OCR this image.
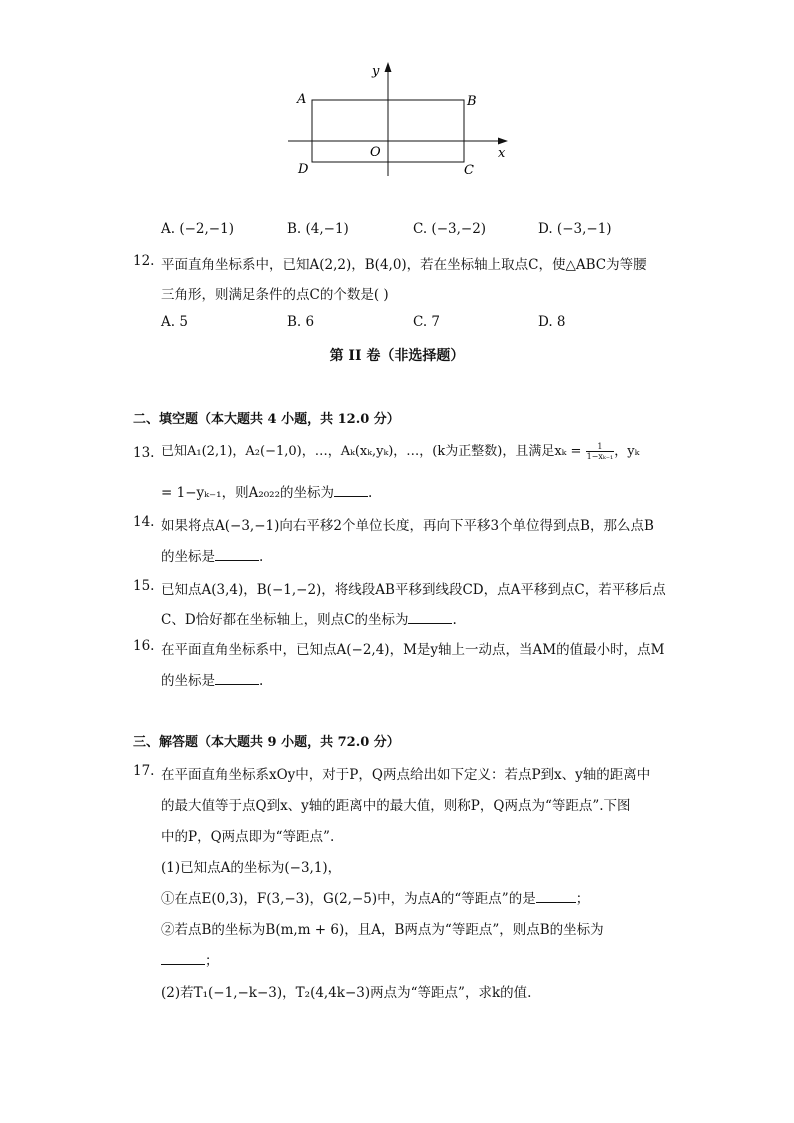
y
x
O
A	B
C
D
A. (−2,−1)	B. (4,−1)	C. (−3,−2)	D. (−3,−1)
12. 平面直角坐标系中，已知A(2,2)，B(4,0)，若在坐标轴上取点C，使△ABC为等腰
三角形，则满足条件的点C的个数是( )
A. 5	B. 6	C. 7	D. 8
第 II 卷（非选择题）
二、填空题（本大题共 4 小题，共 12.0 分）
13. 已知A₁(2,1)，A₂(−1,0)，…，Aₖ(xₖ,yₖ)，…，(k为正整数)，且满足$x_k = \frac{1}{\text{1−xₖ₋₁}}$ ，yₖ
= 1−yₖ₋₁，则A₂₀₂₂的坐标为	.
14. 如果将点A(−3,−1)向右平移2个单位长度，再向下平移3个单位得到点B，那么点B
的坐标是	.
15. 已知点A(3,4)，B(−1,−2)，将线段AB平移到线段CD，点A平移到点C，若平移后点
C、D恰好都在坐标轴上，则点C的坐标为	.
16. 在平面直角坐标系中，已知点A(−2,4)，M是y轴上一动点，当AM的值最小时，点M
的坐标是	.
三、解答题（本大题共 9 小题，共 72.0 分）
17. 在平面直角坐标系xOy中，对于P，Q两点给出如下定义：若点P到x、y轴的距离中
的最大值等于点Q到x、y轴的距离中的最大值，则称P，Q两点为“等距点”.下图
中的P，Q两点即为“等距点”.
(1)已知点A的坐标为(−3,1)，
①在点E(0,3)，F(3,−3)，G(2,−5)中，为点A的“等距点”的是	；
②若点B的坐标为B(m,m + 6)，且A，B两点为“等距点”，则点B的坐标为
；
(2)若T₁(−1,−k−3)，T₂(4,4k−3)两点为“等距点”，求k的值.
